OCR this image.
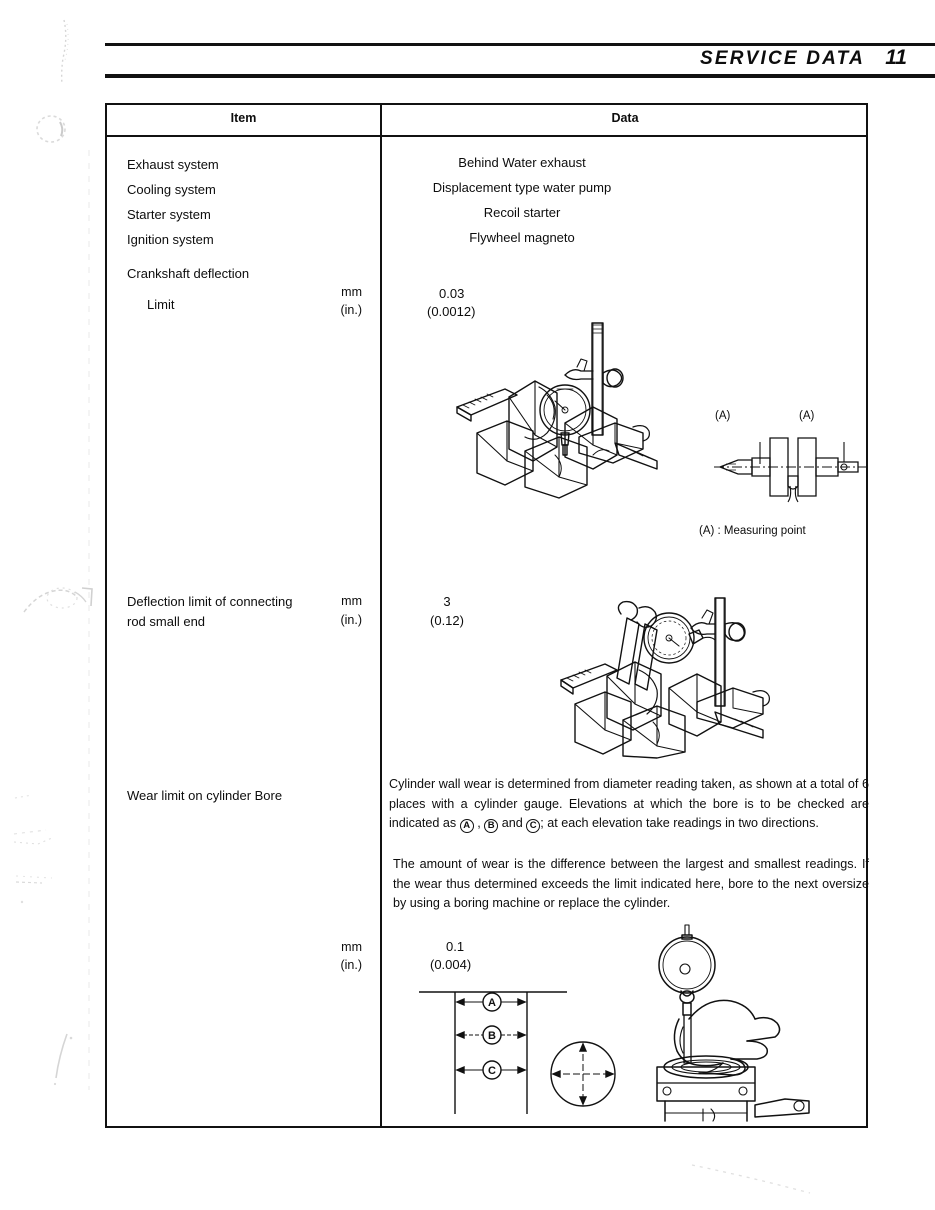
SERVICE DATA 11
Item	Data
Exhaust system
Cooling system
Starter system
Ignition system
Behind Water exhaust
Displacement type water pump
Recoil starter
Flywheel magneto
Crankshaft deflection
Limit
mm
(in.)
0.03
(0.0012)
(A)	(A)
(A) : Measuring point
Deflection limit of connecting
rod small end
mm
(in.)
3
(0.12)
Wear limit on cylinder Bore
mm
(in.)
0.1
(0.004)
Cylinder wall wear is determined from diameter reading taken, as shown at a total of 6 places with a cylinder gauge. Elevations at which the bore is to be checked are indicated as A , B and C ; at each elevation take readings in two directions.
The amount of wear is the difference between the largest and smallest readings. If the wear thus determined exceeds the limit indicated here, bore to the next oversize by using a boring machine or replace the cylinder.
A
B
C
